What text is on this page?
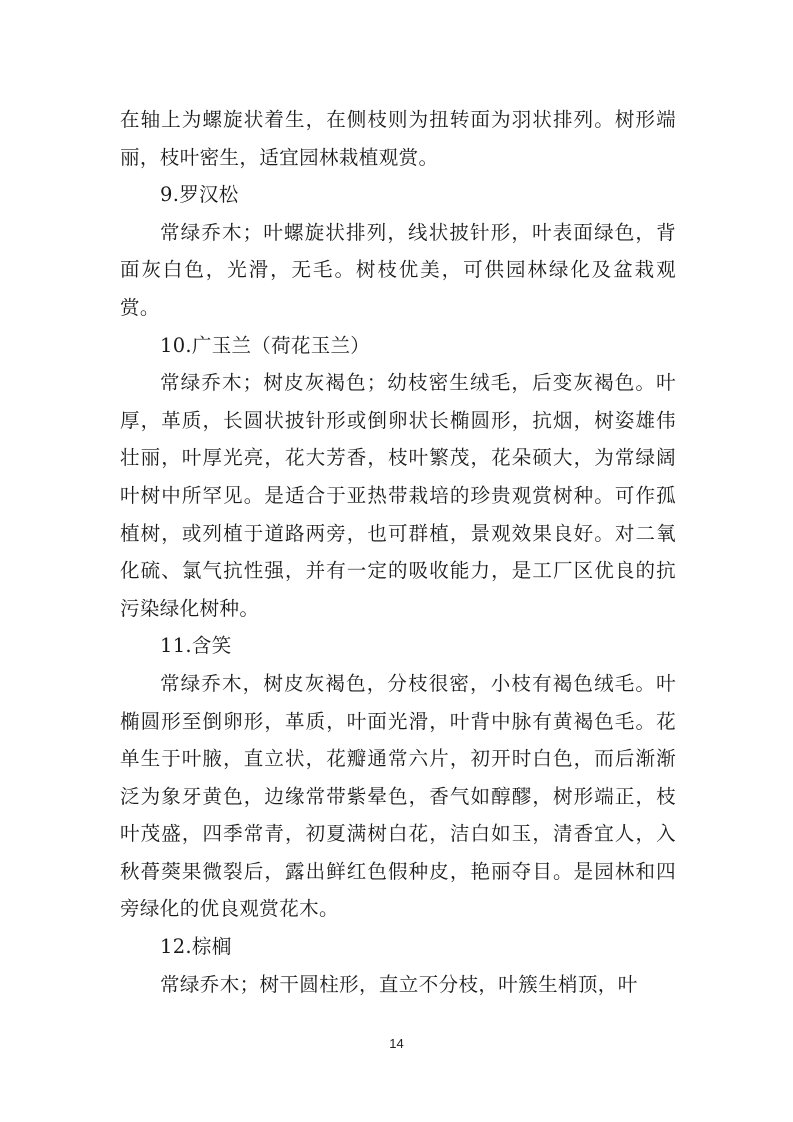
在轴上为螺旋状着生，在侧枝则为扭转面为羽状排列。树形端丽，枝叶密生，适宜园林栽植观赏。

9.罗汉松

常绿乔木；叶螺旋状排列，线状披针形，叶表面绿色，背面灰白色，光滑，无毛。树枝优美，可供园林绿化及盆栽观赏。

10.广玉兰（荷花玉兰）

常绿乔木；树皮灰褐色；幼枝密生绒毛，后变灰褐色。叶厚，革质，长圆状披针形或倒卵状长椭圆形，抗烟，树姿雄伟壮丽，叶厚光亮，花大芳香，枝叶繁茂，花朵硕大，为常绿阔叶树中所罕见。是适合于亚热带栽培的珍贵观赏树种。可作孤植树，或列植于道路两旁，也可群植，景观效果良好。对二氧化硫、氯气抗性强，并有一定的吸收能力，是工厂区优良的抗污染绿化树种。

11.含笑

常绿乔木，树皮灰褐色，分枝很密，小枝有褐色绒毛。叶椭圆形至倒卵形，革质，叶面光滑，叶背中脉有黄褐色毛。花单生于叶腋，直立状，花瓣通常六片，初开时白色，而后渐渐泛为象牙黄色，边缘常带紫晕色，香气如醇醪，树形端正，枝叶茂盛，四季常青，初夏满树白花，洁白如玉，清香宜人，入秋蓇葖果微裂后，露出鲜红色假种皮，艳丽夺目。是园林和四旁绿化的优良观赏花木。

12.棕榈

常绿乔木；树干圆柱形，直立不分枝，叶簇生梢顶，叶

14
